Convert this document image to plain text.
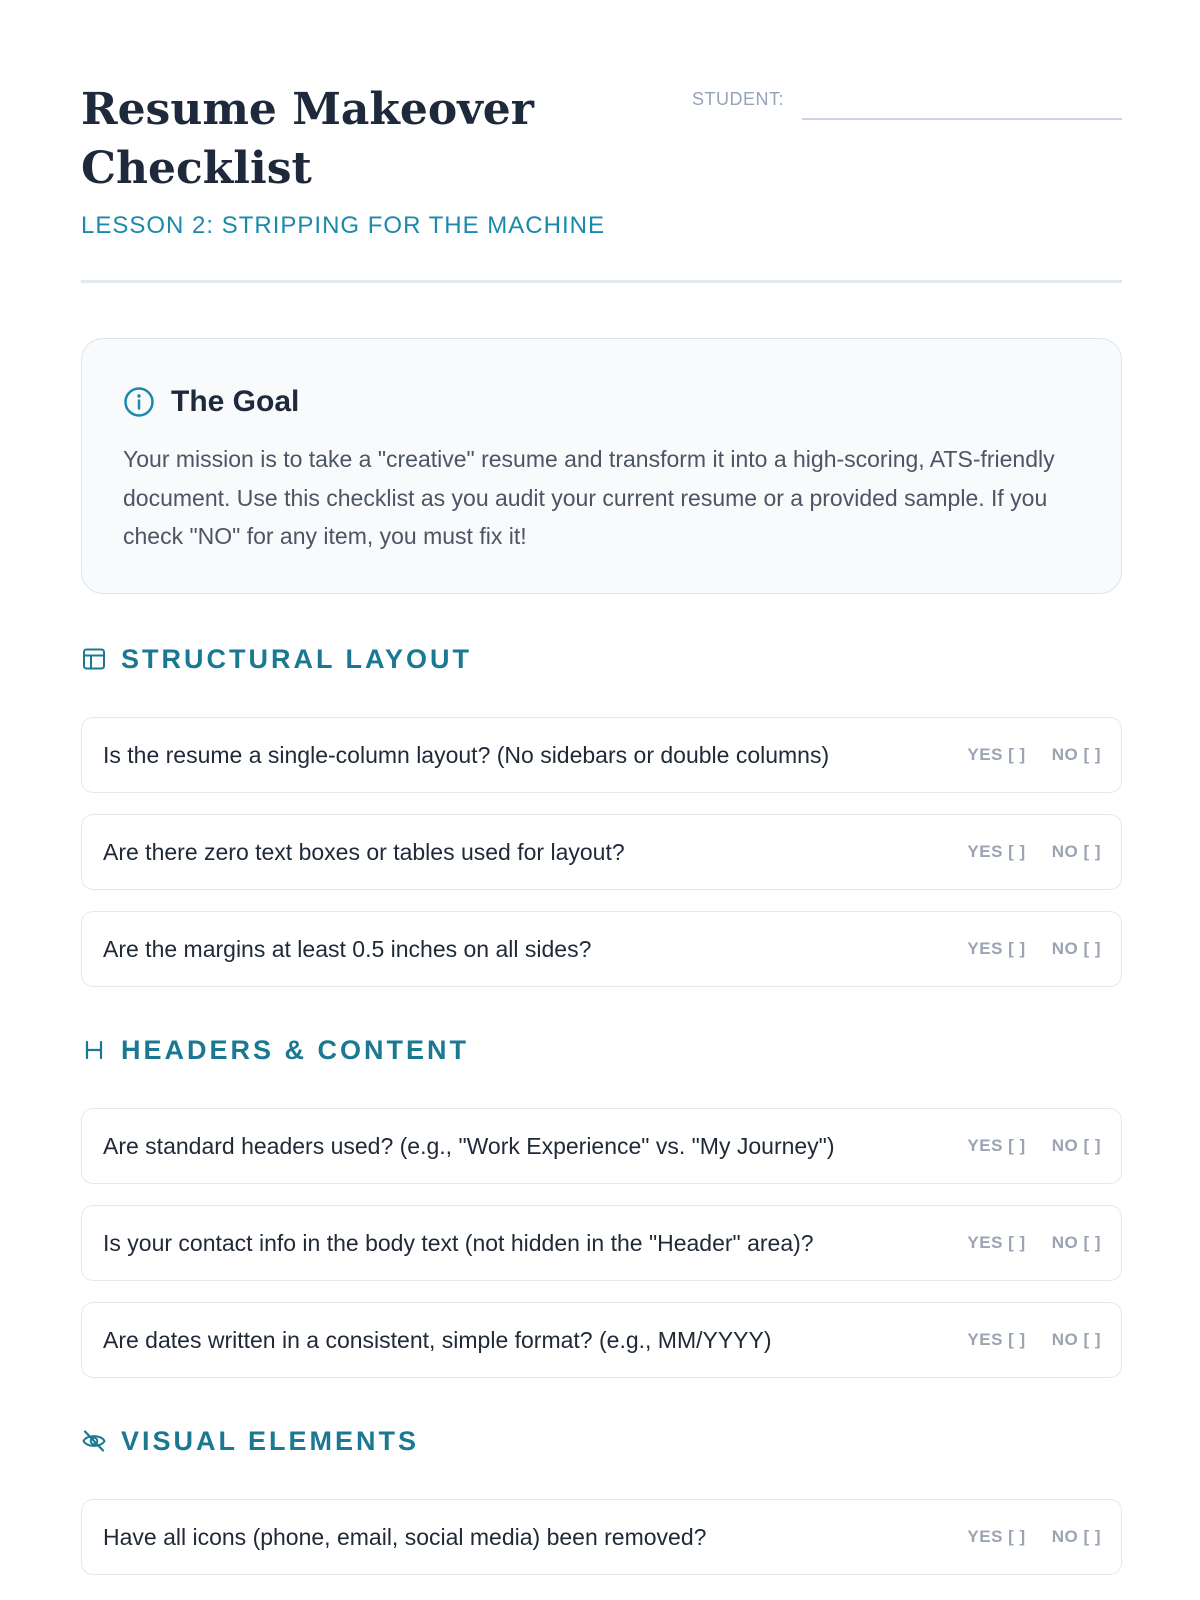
Resume Makeover Checklist
LESSON 2: STRIPPING FOR THE MACHINE
STUDENT:
The Goal
Your mission is to take a "creative" resume and transform it into a high-scoring, ATS-friendly document. Use this checklist as you audit your current resume or a provided sample. If you check "NO" for any item, you must fix it!
STRUCTURAL LAYOUT
Is the resume a single-column layout? (No sidebars or double columns)	YES [ ] NO [ ]
Are there zero text boxes or tables used for layout?	YES [ ] NO [ ]
Are the margins at least 0.5 inches on all sides?	YES [ ] NO [ ]
HEADERS & CONTENT
Are standard headers used? (e.g., "Work Experience" vs. "My Journey")	YES [ ] NO [ ]
Is your contact info in the body text (not hidden in the "Header" area)?	YES [ ] NO [ ]
Are dates written in a consistent, simple format? (e.g., MM/YYYY)	YES [ ] NO [ ]
VISUAL ELEMENTS
Have all icons (phone, email, social media) been removed?	YES [ ] NO [ ]
